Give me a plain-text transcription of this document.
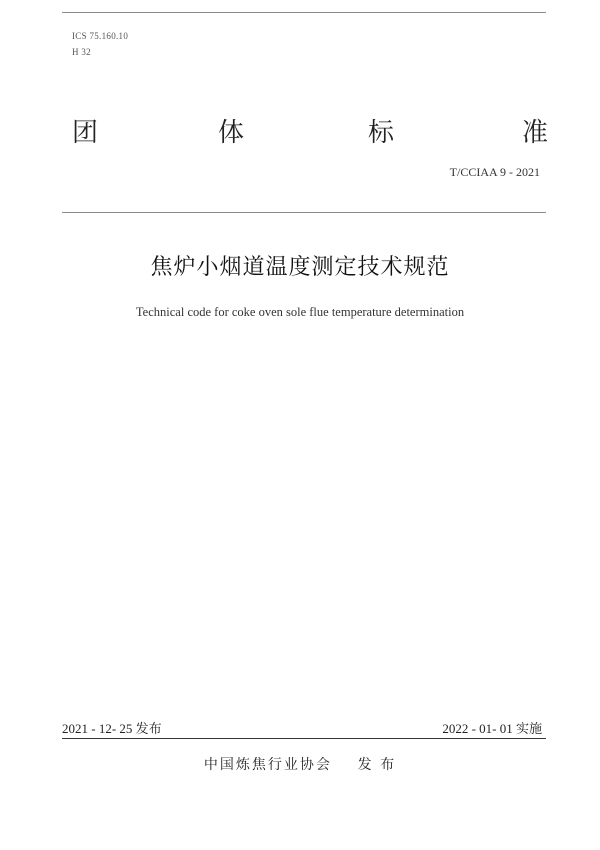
ICS 75.160.10
H 32
团	体	标	准
T/CCIAA 9 - 2021
焦炉小烟道温度测定技术规范
Technical code for coke oven sole flue temperature determination
2021 - 12- 25 发布	2022 - 01- 01 实施
中国炼焦行业协会 发 布
